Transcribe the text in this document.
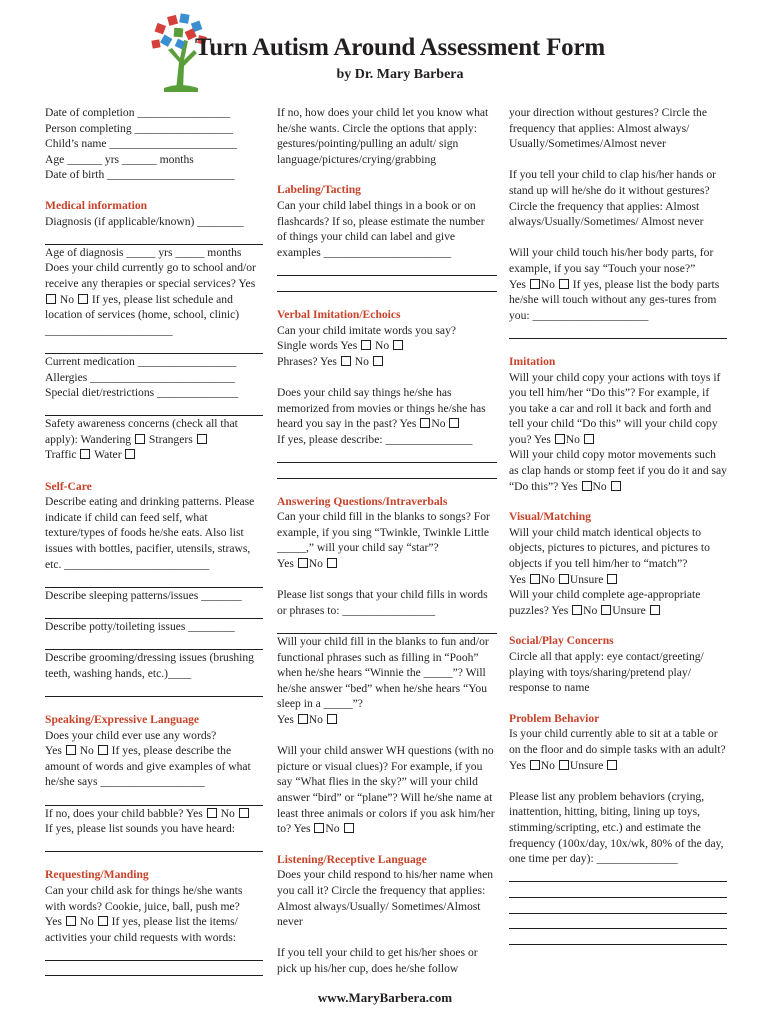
Turn Autism Around Assessment Form
by Dr. Mary Barbera

Date of completion ________________

Person completing _________________

Child’s name ______________________

Age ______ yrs ______ months

Date of birth ______________________

Medical information

Diagnosis (if applicable/known) ________

Age of diagnosis _____ yrs _____ months

Does your child currently go to school and/or receive any therapies or special services? Yes  No If yes, please list schedule and location of services (home, school, clinic) ______________________

Current medication _________________

Allergies _________________________

Special diet/restrictions ______________

Safety awareness concerns (check all that apply): Wandering Strangers
Traffic Water

Self-Care

Describe eating and drinking patterns. Please indicate if child can feed self, what texture/types of foods he/she eats. Also list issues with bottles, pacifier, utensils, straws, etc. _________________________

Describe sleeping patterns/issues _______

Describe potty/toileting issues ________

Describe grooming/dressing issues (brushing teeth, washing hands, etc.)____

Speaking/Expressive Language

Does your child ever use any words?
Yes No If yes, please describe the amount of words and give examples of what he/she says __________________

If no, does your child babble? Yes No
If yes, please list sounds you have heard:

Requesting/Manding

Can your child ask for things he/she wants with words? Cookie, juice, ball, push me?
Yes No If yes, please list the items/ activities your child requests with words:

If no, how does your child let you know what he/she wants. Circle the options that apply: gestures/pointing/pulling an adult/ sign language/pictures/crying/grabbing

Labeling/Tacting

Can your child label things in a book or on flashcards? If so, please estimate the number of things your child can label and give examples ______________________

Verbal Imitation/Echoics

Can your child imitate words you say?
Single words Yes No
Phrases? Yes No

Does your child say things he/she has memorized from movies or things he/she has heard you say in the past? Yes No
If yes, please describe: _______________

Answering Questions/Intraverbals

Can your child fill in the blanks to songs? For example, if you sing “Twinkle, Twinkle Little _____,” will your child say “star”?
Yes No

Please list songs that your child fills in words or phrases to: ________________

Will your child fill in the blanks to fun and/or functional phrases such as filling in “Pooh” when he/she hears “Winnie the _____”? Will he/she answer “bed” when he/she hears “You sleep in a _____”?
Yes No

Will your child answer WH questions (with no picture or visual clues)? For example, if you say “What flies in the sky?” will your child answer “bird” or “plane”? Will he/she name at least three animals or colors if you ask him/her to? Yes No

Listening/Receptive Language

Does your child respond to his/her name when you call it? Circle the frequency that applies: Almost always/Usually/ Sometimes/Almost never

If you tell your child to get his/her shoes or pick up his/her cup, does he/she follow

your direction without gestures? Circle the frequency that applies: Almost always/ Usually/Sometimes/Almost never

If you tell your child to clap his/her hands or stand up will he/she do it without gestures? Circle the frequency that applies: Almost always/Usually/Sometimes/ Almost never

Will your child touch his/her body parts, for example, if you say “Touch your nose?”
Yes No If yes, please list the body parts he/she will touch without any ges-tures from you: ____________________

Imitation

Will your child copy your actions with toys if you tell him/her “Do this”? For example, if you take a car and roll it back and forth and tell your child “Do this” will your child copy you? Yes No

Will your child copy motor movements such as clap hands or stomp feet if you do it and say “Do this”? Yes No

Visual/Matching

Will your child match identical objects to objects, pictures to pictures, and pictures to objects if you tell him/her to “match”?
Yes No Unsure

Will your child complete age-appropriate puzzles? Yes No Unsure

Social/Play Concerns

Circle all that apply: eye contact/greeting/ playing with toys/sharing/pretend play/ response to name

Problem Behavior

Is your child currently able to sit at a table or on the floor and do simple tasks with an adult? Yes No Unsure

Please list any problem behaviors (crying, inattention, hitting, biting, lining up toys, stimming/scripting, etc.) and estimate the frequency (100x/day, 10x/wk, 80% of the day, one time per day): ______________

www.MaryBarbera.com
